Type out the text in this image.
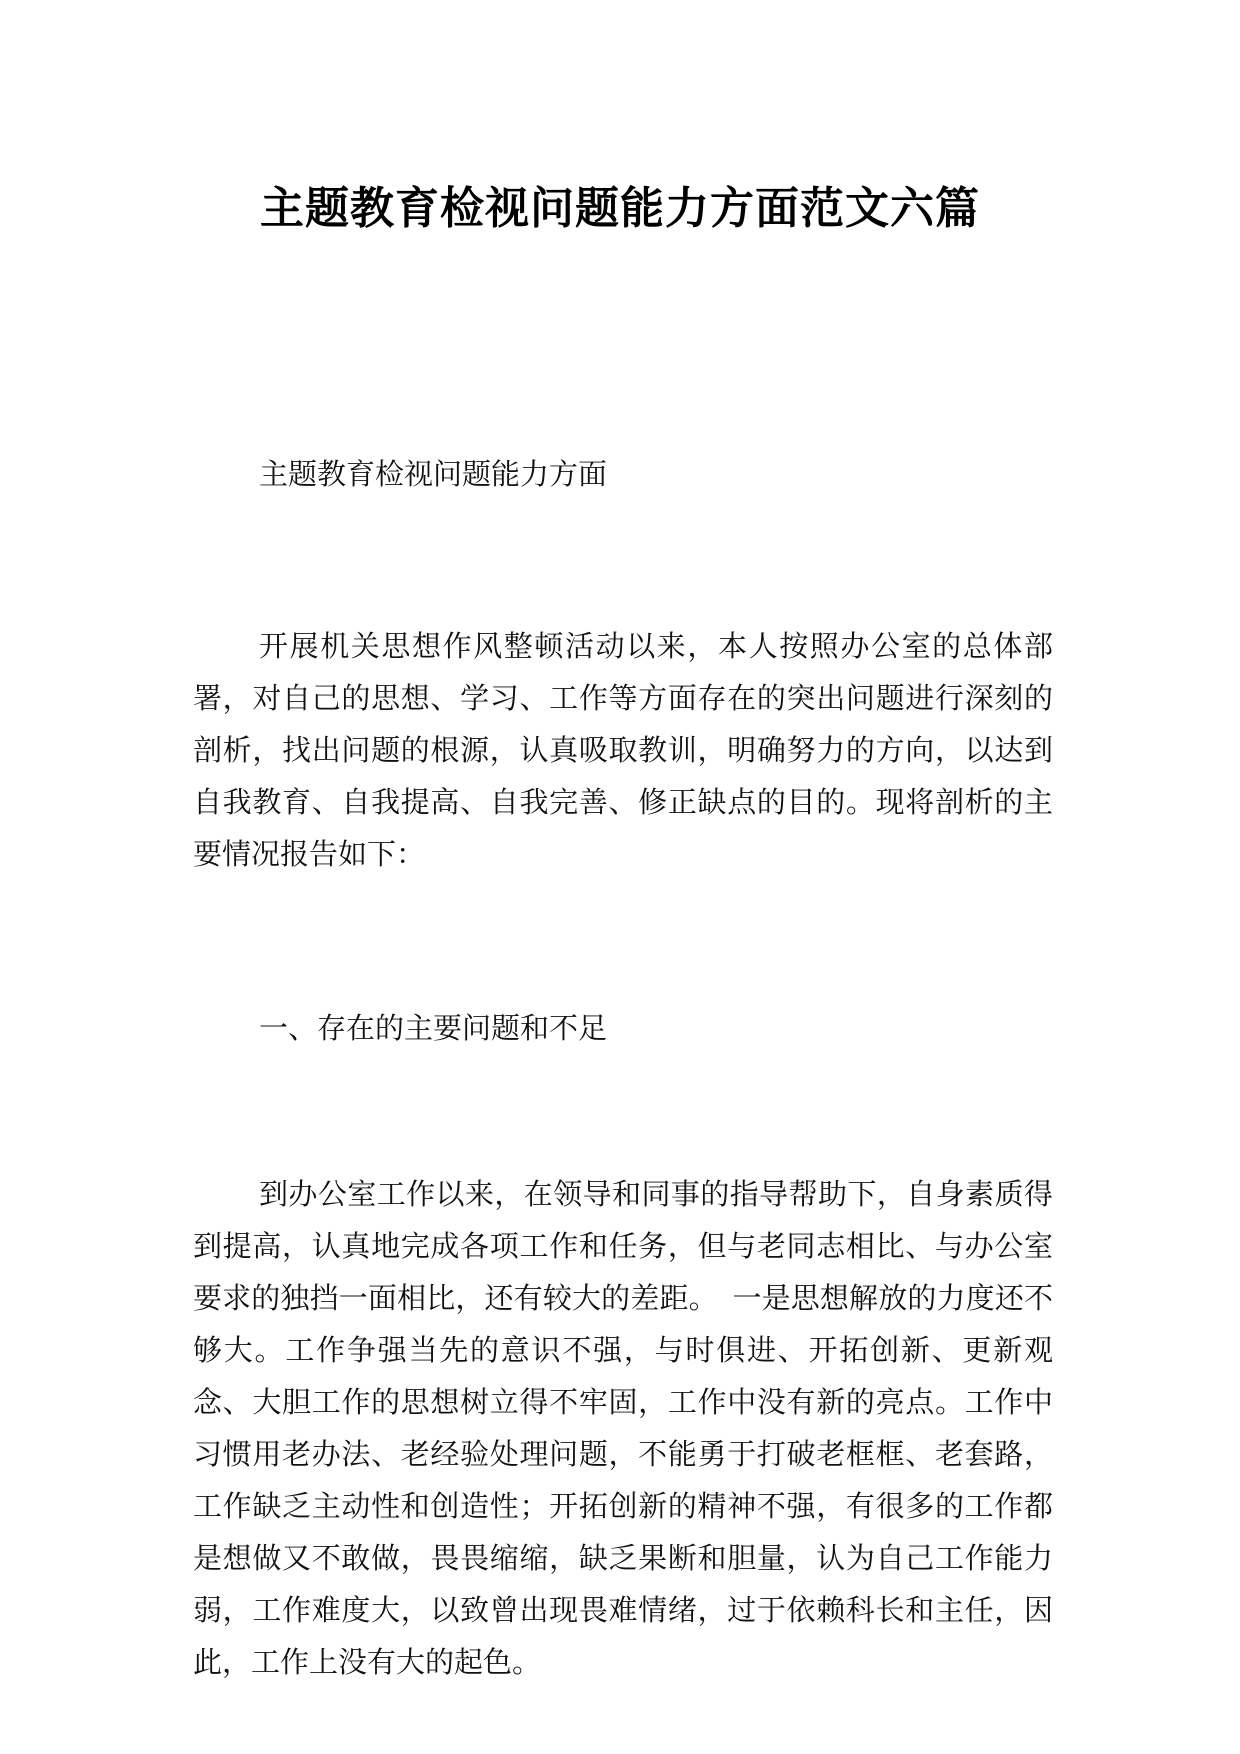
主题教育检视问题能力方面范文六篇

主题教育检视问题能力方面

开展机关思想作风整顿活动以来，本人按照办公室的总体部署，对自己的思想、学习、工作等方面存在的突出问题进行深刻的剖析，找出问题的根源，认真吸取教训，明确努力的方向，以达到自我教育、自我提高、自我完善、修正缺点的目的。现将剖析的主要情况报告如下：

一、存在的主要问题和不足

到办公室工作以来，在领导和同事的指导帮助下，自身素质得到提高，认真地完成各项工作和任务，但与老同志相比、与办公室要求的独挡一面相比，还有较大的差距。　一是思想解放的力度还不够大。工作争强当先的意识不强，与时俱进、开拓创新、更新观念、大胆工作的思想树立得不牢固，工作中没有新的亮点。工作中习惯用老办法、老经验处理问题，不能勇于打破老框框、老套路，工作缺乏主动性和创造性；开拓创新的精神不强，有很多的工作都是想做又不敢做，畏畏缩缩，缺乏果断和胆量，认为自己工作能力弱，工作难度大，以致曾出现畏难情绪，过于依赖科长和主任，因此，工作上没有大的起色。
